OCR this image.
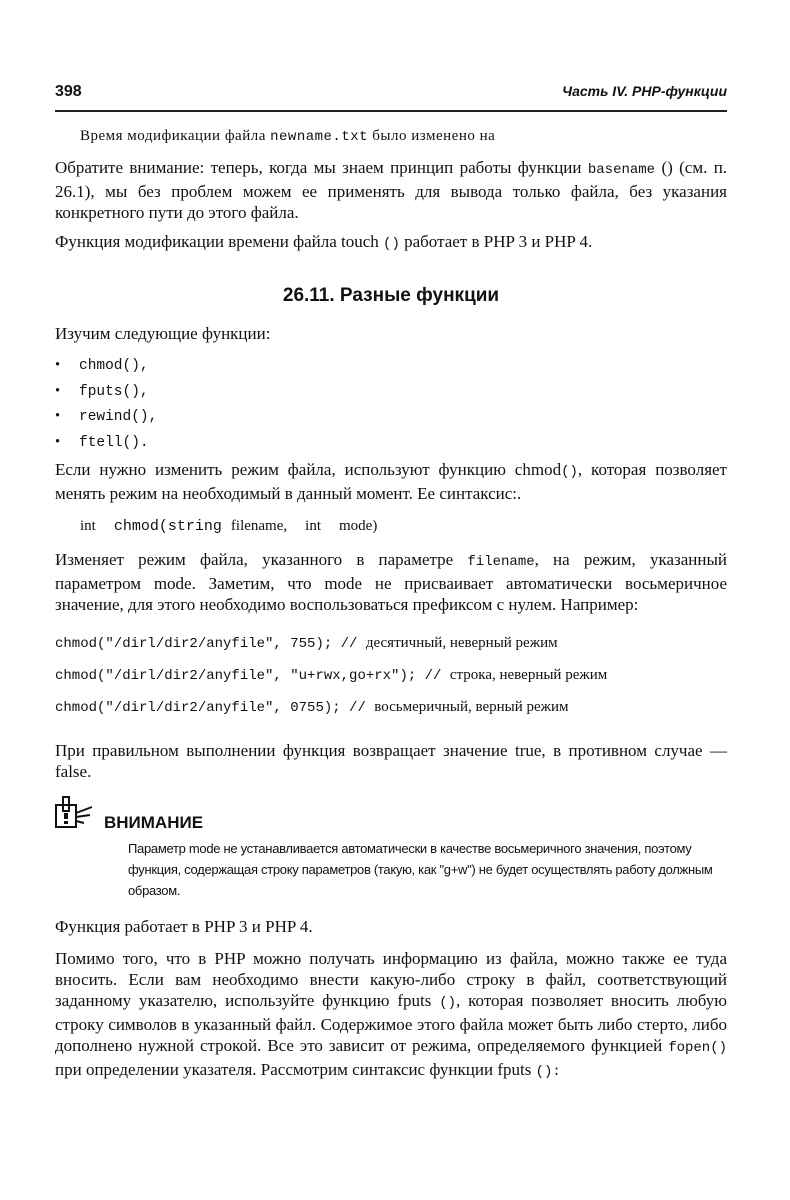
398	Часть IV. PHP-функции

Время модификации файла newname.txt было изменено на

Обратите внимание: теперь, когда мы знаем принцип работы функции basename () (см. п. 26.1), мы без проблем можем ее применять для вывода только файла, без указания конкретного пути до этого файла.

Функция модификации времени файла touch () работает в PHP 3 и PHP 4.

26.11. Разные функции

Изучим следующие функции:

• chmod(),
• fputs(),
• rewind(),
• ftell().

Если нужно изменить режим файла, используют функцию chmod(), которая позволяет менять режим на необходимый в данный момент. Ее синтаксис:.

int chmod(string filename, int mode)

Изменяет режим файла, указанного в параметре filename, на режим, указанный параметром mode. Заметим, что mode не присваивает автоматически восьмеричное значение, для этого необходимо воспользоваться префиксом с нулем. Например:

chmod("/dirl/dir2/anyfile", 755); // десятичный, неверный режим
chmod("/dirl/dir2/anyfile", "u+rwx,go+rx"); // строка, неверный режим
chmod("/dirl/dir2/anyfile", 0755); // восьмеричный, верный режим

При правильном выполнении функция возвращает значение true, в противном случае — false.

ВНИМАНИЕ

Параметр mode не устанавливается автоматически в качестве восьмеричного значения, поэтому функция, содержащая строку параметров (такую, как "g+w") не будет осуществлять работу должным образом.

Функция работает в PHP 3 и PHP 4.

Помимо того, что в PHP можно получать информацию из файла, можно также ее туда вносить. Если вам необходимо внести какую-либо строку в файл, соответствующий заданному указателю, используйте функцию fputs (), которая позволяет вносить любую строку символов в указанный файл. Содержимое этого файла может быть либо стерто, либо дополнено нужной строкой. Все это зависит от режима, определяемого функцией fopen() при определении указателя. Рассмотрим синтаксис функции fputs ():
